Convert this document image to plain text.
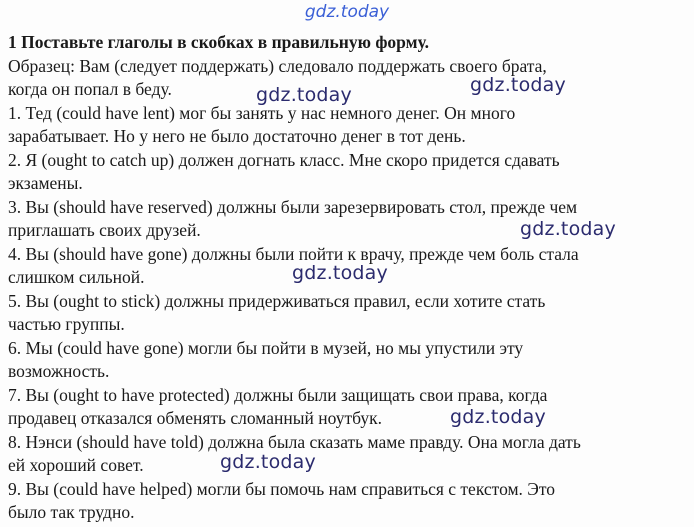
gdz.today

1 Поставьте глаголы в скобках в правильную форму.

Образец: Вам (следует поддержать) следовало поддержать своего брата,

когда он попал в беду.

1. Тед (could have lent) мог бы занять у нас немного денег. Он много

зарабатывает. Но у него не было достаточно денег в тот день.

2. Я (ought to catch up) должен догнать класс. Мне скоро придется сдавать

экзамены.

3. Вы (should have reserved) должны были зарезервировать стол, прежде чем

приглашать своих друзей.

4. Вы (should have gone) должны были пойти к врачу, прежде чем боль стала

слишком сильной.

5. Вы (ought to stick) должны придерживаться правил, если хотите стать

частью группы.

6. Мы (could have gone) могли бы пойти в музей, но мы упустили эту

возможность.

7. Вы (ought to have protected) должны были защищать свои права, когда

продавец отказался обменять сломанный ноутбук.

8. Нэнси (should have told) должна была сказать маме правду. Она могла дать

ей хороший совет.

9. Вы (could have helped) могли бы помочь нам справиться с текстом. Это

было так трудно.

gdz.today
gdz.today
gdz.today
gdz.today
gdz.today
gdz.today
